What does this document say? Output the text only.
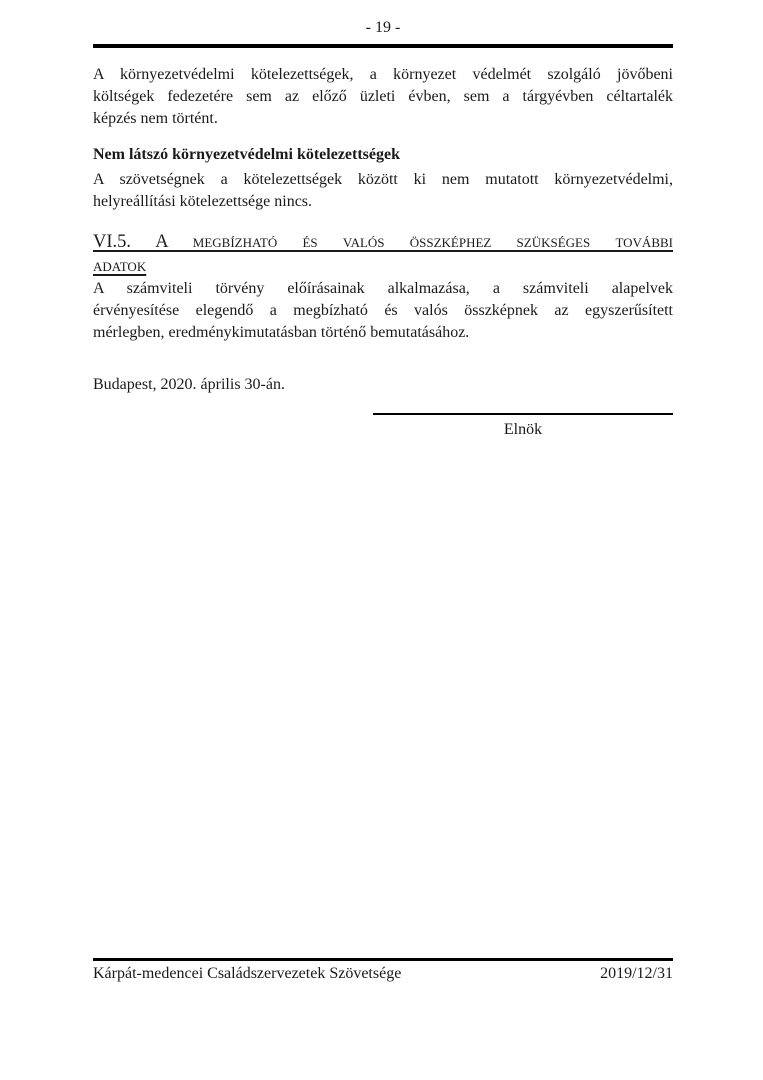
- 19 -
A környezetvédelmi kötelezettségek, a környezet védelmét szolgáló jövőbeni
költségek fedezetére sem az előző üzleti évben, sem a tárgyévben céltartalék
képzés nem történt.
Nem látszó környezetvédelmi kötelezettségek
A szövetségnek a kötelezettségek között ki nem mutatott környezetvédelmi,
helyreállítási kötelezettsége nincs.
VI.5. A megbízható és valós összképhez szükséges további
adatok
A számviteli törvény előírásainak alkalmazása, a számviteli alapelvek
érvényesítése elegendő a megbízható és valós összképnek az egyszerűsített
mérlegben, eredménykimutatásban történő bemutatásához.
Budapest, 2020. április 30-án.
Elnök
Kárpát-medencei Családszervezetek Szövetsége	2019/12/31
